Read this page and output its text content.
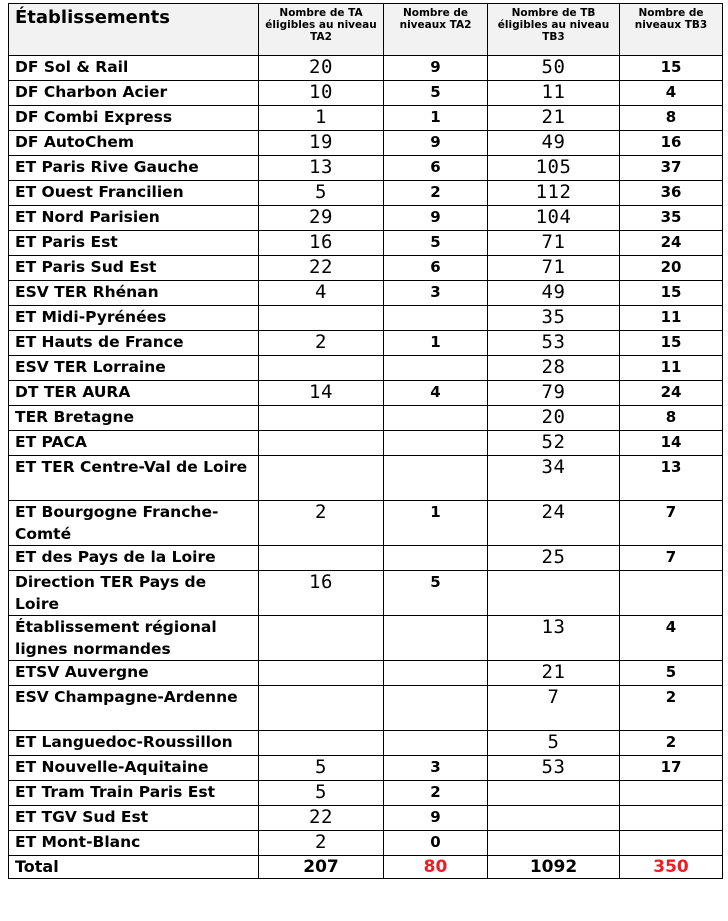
Établissements	Nombre de TA éligibles au niveau TA2	Nombre de niveaux TA2	Nombre de TB éligibles au niveau TB3	Nombre de niveaux TB3
DF Sol & Rail	20	9	50	15
DF Charbon Acier	10	5	11	4
DF Combi Express	1	1	21	8
DF AutoChem	19	9	49	16
ET Paris Rive Gauche	13	6	105	37
ET Ouest Francilien	5	2	112	36
ET Nord Parisien	29	9	104	35
ET Paris Est	16	5	71	24
ET Paris Sud Est	22	6	71	20
ESV TER Rhénan	4	3	49	15
ET Midi-Pyrénées			35	11
ET Hauts de France	2	1	53	15
ESV TER Lorraine			28	11
DT TER AURA	14	4	79	24
TER Bretagne			20	8
ET PACA			52	14
ET TER Centre-Val de Loire			34	13
ET Bourgogne Franche-Comté	2	1	24	7
ET des Pays de la Loire			25	7
Direction TER Pays de Loire	16	5		
Établissement régional lignes normandes			13	4
ETSV Auvergne			21	5
ESV Champagne-Ardenne			7	2
ET Languedoc-Roussillon			5	2
ET Nouvelle-Aquitaine	5	3	53	17
ET Tram Train Paris Est	5	2		
ET TGV Sud Est	22	9		
ET Mont-Blanc	2	0		
Total	207	80	1092	350
